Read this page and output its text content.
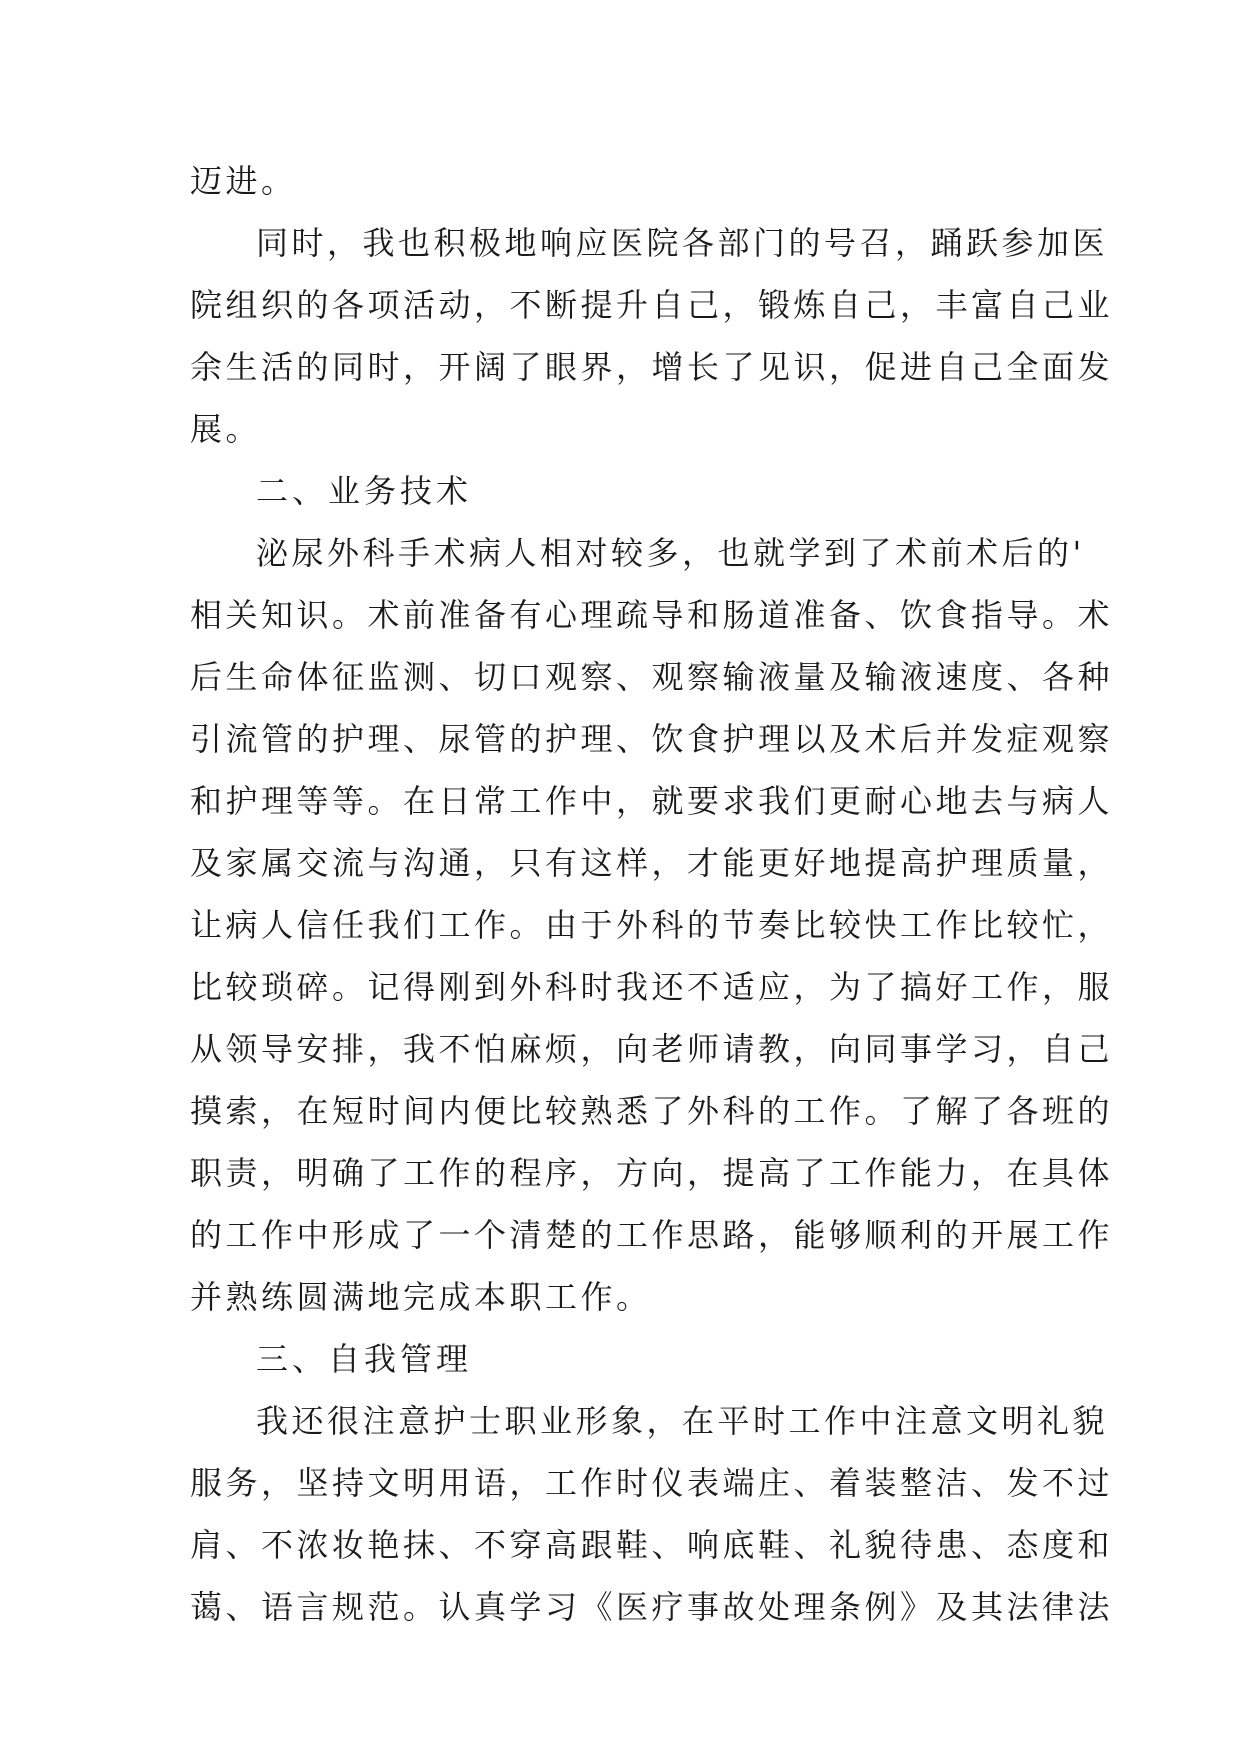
迈进。
同时，我也积极地响应医院各部门的号召，踊跃参加医
院组织的各项活动，不断提升自己，锻炼自己，丰富自己业
余生活的同时，开阔了眼界，增长了见识，促进自己全面发
展。
二、业务技术
泌尿外科手术病人相对较多，也就学到了术前术后的'
相关知识。术前准备有心理疏导和肠道准备、饮食指导。术
后生命体征监测、切口观察、观察输液量及输液速度、各种
引流管的护理、尿管的护理、饮食护理以及术后并发症观察
和护理等等。在日常工作中，就要求我们更耐心地去与病人
及家属交流与沟通，只有这样，才能更好地提高护理质量，
让病人信任我们工作。由于外科的节奏比较快工作比较忙，
比较琐碎。记得刚到外科时我还不适应，为了搞好工作，服
从领导安排，我不怕麻烦，向老师请教，向同事学习，自己
摸索，在短时间内便比较熟悉了外科的工作。了解了各班的
职责，明确了工作的程序，方向，提高了工作能力，在具体
的工作中形成了一个清楚的工作思路，能够顺利的开展工作
并熟练圆满地完成本职工作。
三、自我管理
我还很注意护士职业形象，在平时工作中注意文明礼貌
服务，坚持文明用语，工作时仪表端庄、着装整洁、发不过
肩、不浓妆艳抹、不穿高跟鞋、响底鞋、礼貌待患、态度和
蔼、语言规范。认真学习《医疗事故处理条例》及其法律法
